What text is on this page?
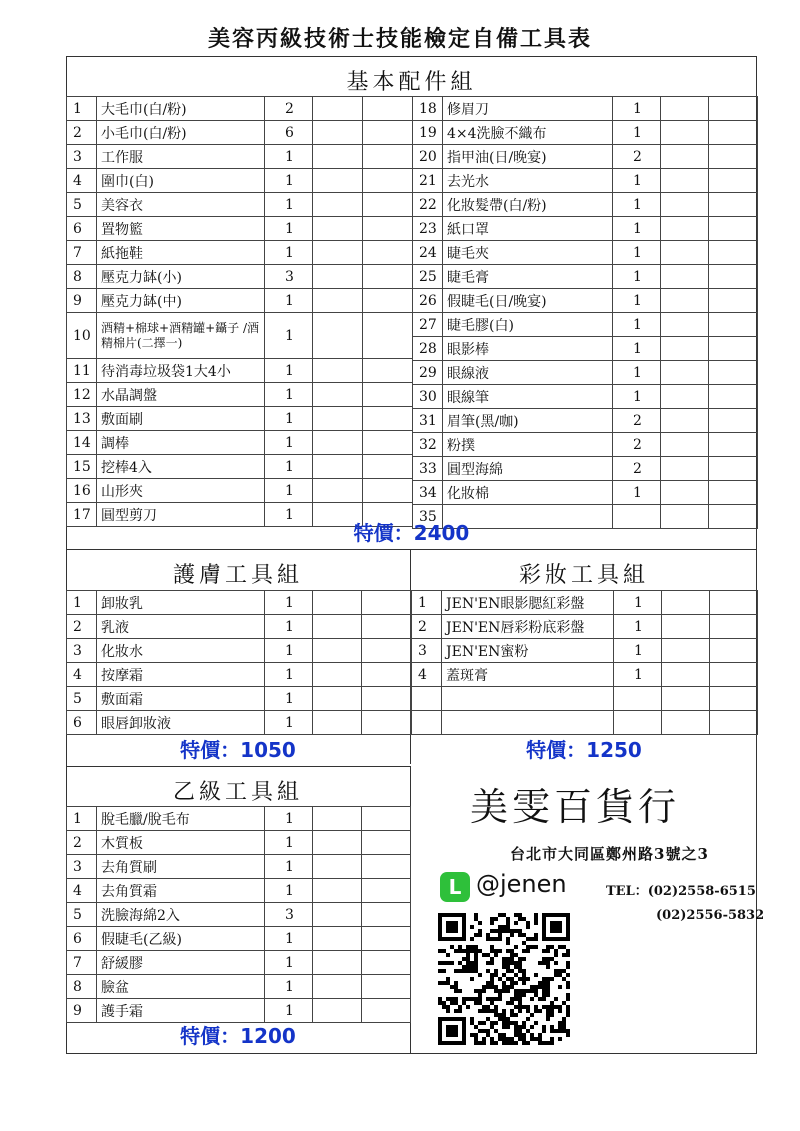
美容丙級技術士技能檢定自備工具表
基本配件組
1	大毛巾(白/粉)	2		
2	小毛巾(白/粉)	6		
3	工作服	1		
4	圍巾(白)	1		
5	美容衣	1		
6	置物籃	1		
7	紙拖鞋	1		
8	壓克力缽(小)	3		
9	壓克力缽(中)	1		
10	酒精+棉球+酒精罐+鑷子 /酒精棉片(二擇一)	1		
11	待消毒垃圾袋1大4小	1		
12	水晶調盤	1		
13	敷面刷	1		
14	調棒	1		
15	挖棒4入	1		
16	山形夾	1		
17	圓型剪刀	1		
18	修眉刀	1		
19	4×4洗臉不織布	1		
20	指甲油(日/晚宴)	2		
21	去光水	1		
22	化妝髮帶(白/粉)	1		
23	紙口罩	1		
24	睫毛夾	1		
25	睫毛膏	1		
26	假睫毛(日/晚宴)	1		
27	睫毛膠(白)	1		
28	眼影棒	1		
29	眼線液	1		
30	眼線筆	1		
31	眉筆(黑/咖)	2		
32	粉撲	2		
33	圓型海綿	2		
34	化妝棉	1		
35				
特價：2400
護膚工具組	彩妝工具組
1	卸妝乳	1		
2	乳液	1		
3	化妝水	1		
4	按摩霜	1		
5	敷面霜	1		
6	眼唇卸妝液	1		
1	JEN'EN眼影腮紅彩盤	1		
2	JEN'EN唇彩粉底彩盤	1		
3	JEN'EN蜜粉	1		
4	蓋斑膏	1		

特價：1050	特價：1250
乙級工具組
1	脫毛臘/脫毛布	1		
2	木質板	1		
3	去角質刷	1		
4	去角質霜	1		
5	洗臉海綿2入	3		
6	假睫毛(乙級)	1		
7	舒緩膠	1		
8	臉盆	1		
9	護手霜	1		
特價：1200
美雯百貨行
台北市大同區鄭州路3號之3
L @jenen	TEL：(02)2558-6515
(02)2556-5832
